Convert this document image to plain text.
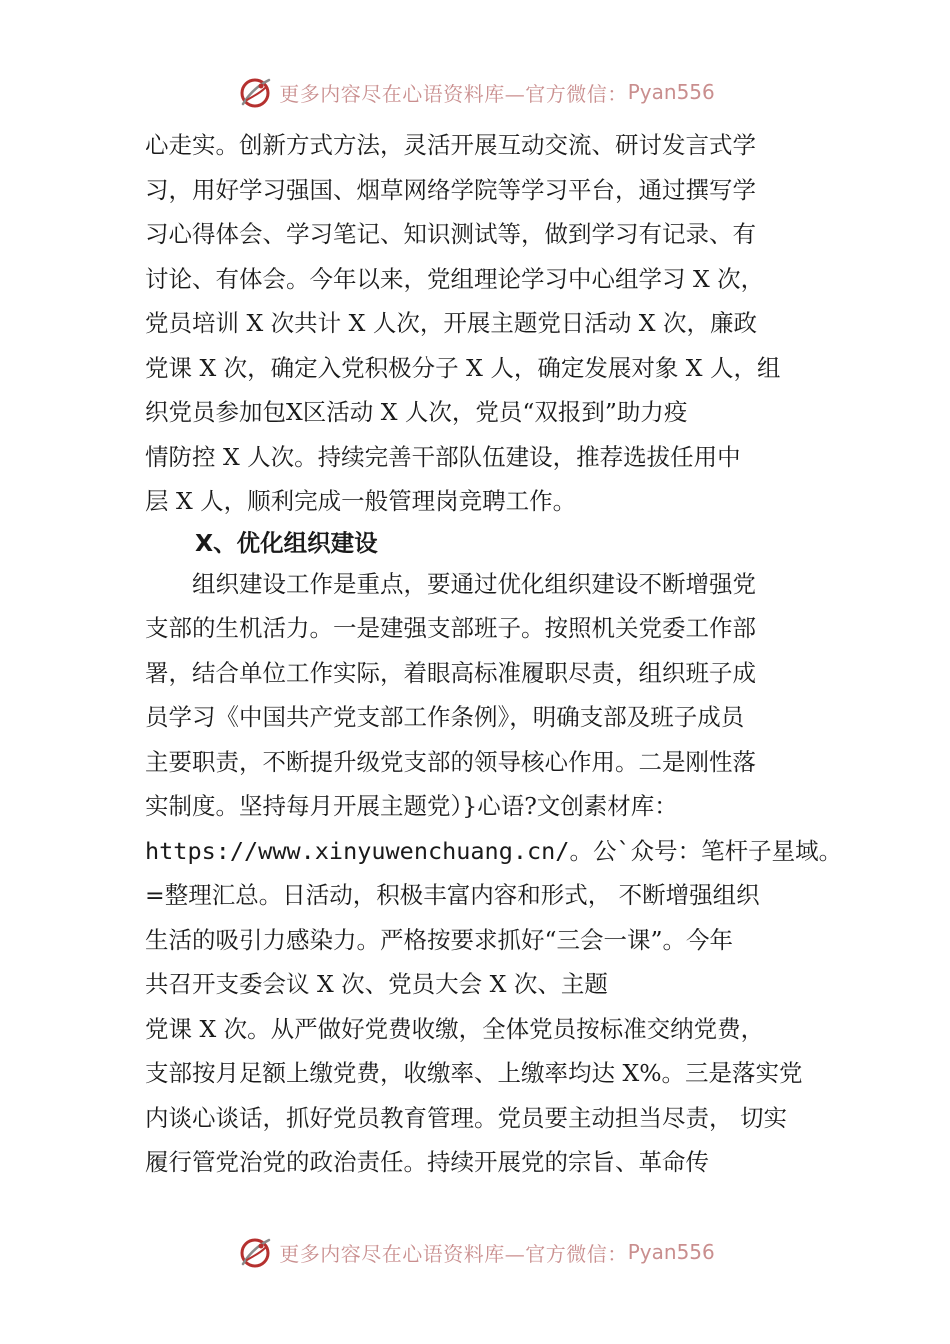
更多内容尽在心语资料库—官方微信： Pyan556
心走实。创新方式方法，灵活开展互动交流、研讨发言式学
习，用好学习强国、烟草网络学院等学习平台，通过撰写学
习心得体会、学习笔记、知识测试等，做到学习有记录、有
讨论、有体会。今年以来，党组理论学习中心组学习 X 次，
党员培训 X 次共计 X 人次，开展主题党日活动 X 次，廉政
党课 X 次，确定入党积极分子 X 人，确定发展对象 X 人，组
织党员参加包X区活动 X 人次，党员“双报到”助力疫
情防控 X 人次。持续完善干部队伍建设，推荐选拔任用中
层 X 人，顺利完成一般管理岗竞聘工作。
X、优化组织建设
组织建设工作是重点，要通过优化组织建设不断增强党
支部的生机活力。一是建强支部班子。按照机关党委工作部
署，结合单位工作实际，着眼高标准履职尽责，组织班子成
员学习《中国共产党支部工作条例》，明确支部及班子成员
主要职责，不断提升级党支部的领导核心作用。二是刚性落
实制度。坚持每月开展主题党）}心语?文创素材库：
https://www.xinyuwenchuang.cn/。公`众号：笔杆子星域。
=整理汇总。日活动，积极丰富内容和形式， 不断增强组织
生活的吸引力感染力。严格按要求抓好“三会一课”。今年
共召开支委会议 X 次、党员大会 X 次、主题
党课 X 次。从严做好党费收缴，全体党员按标准交纳党费，
支部按月足额上缴党费，收缴率、上缴率均达 X%。三是落实党
内谈心谈话，抓好党员教育管理。党员要主动担当尽责， 切实
履行管党治党的政治责任。持续开展党的宗旨、革命传
更多内容尽在心语资料库—官方微信： Pyan556
